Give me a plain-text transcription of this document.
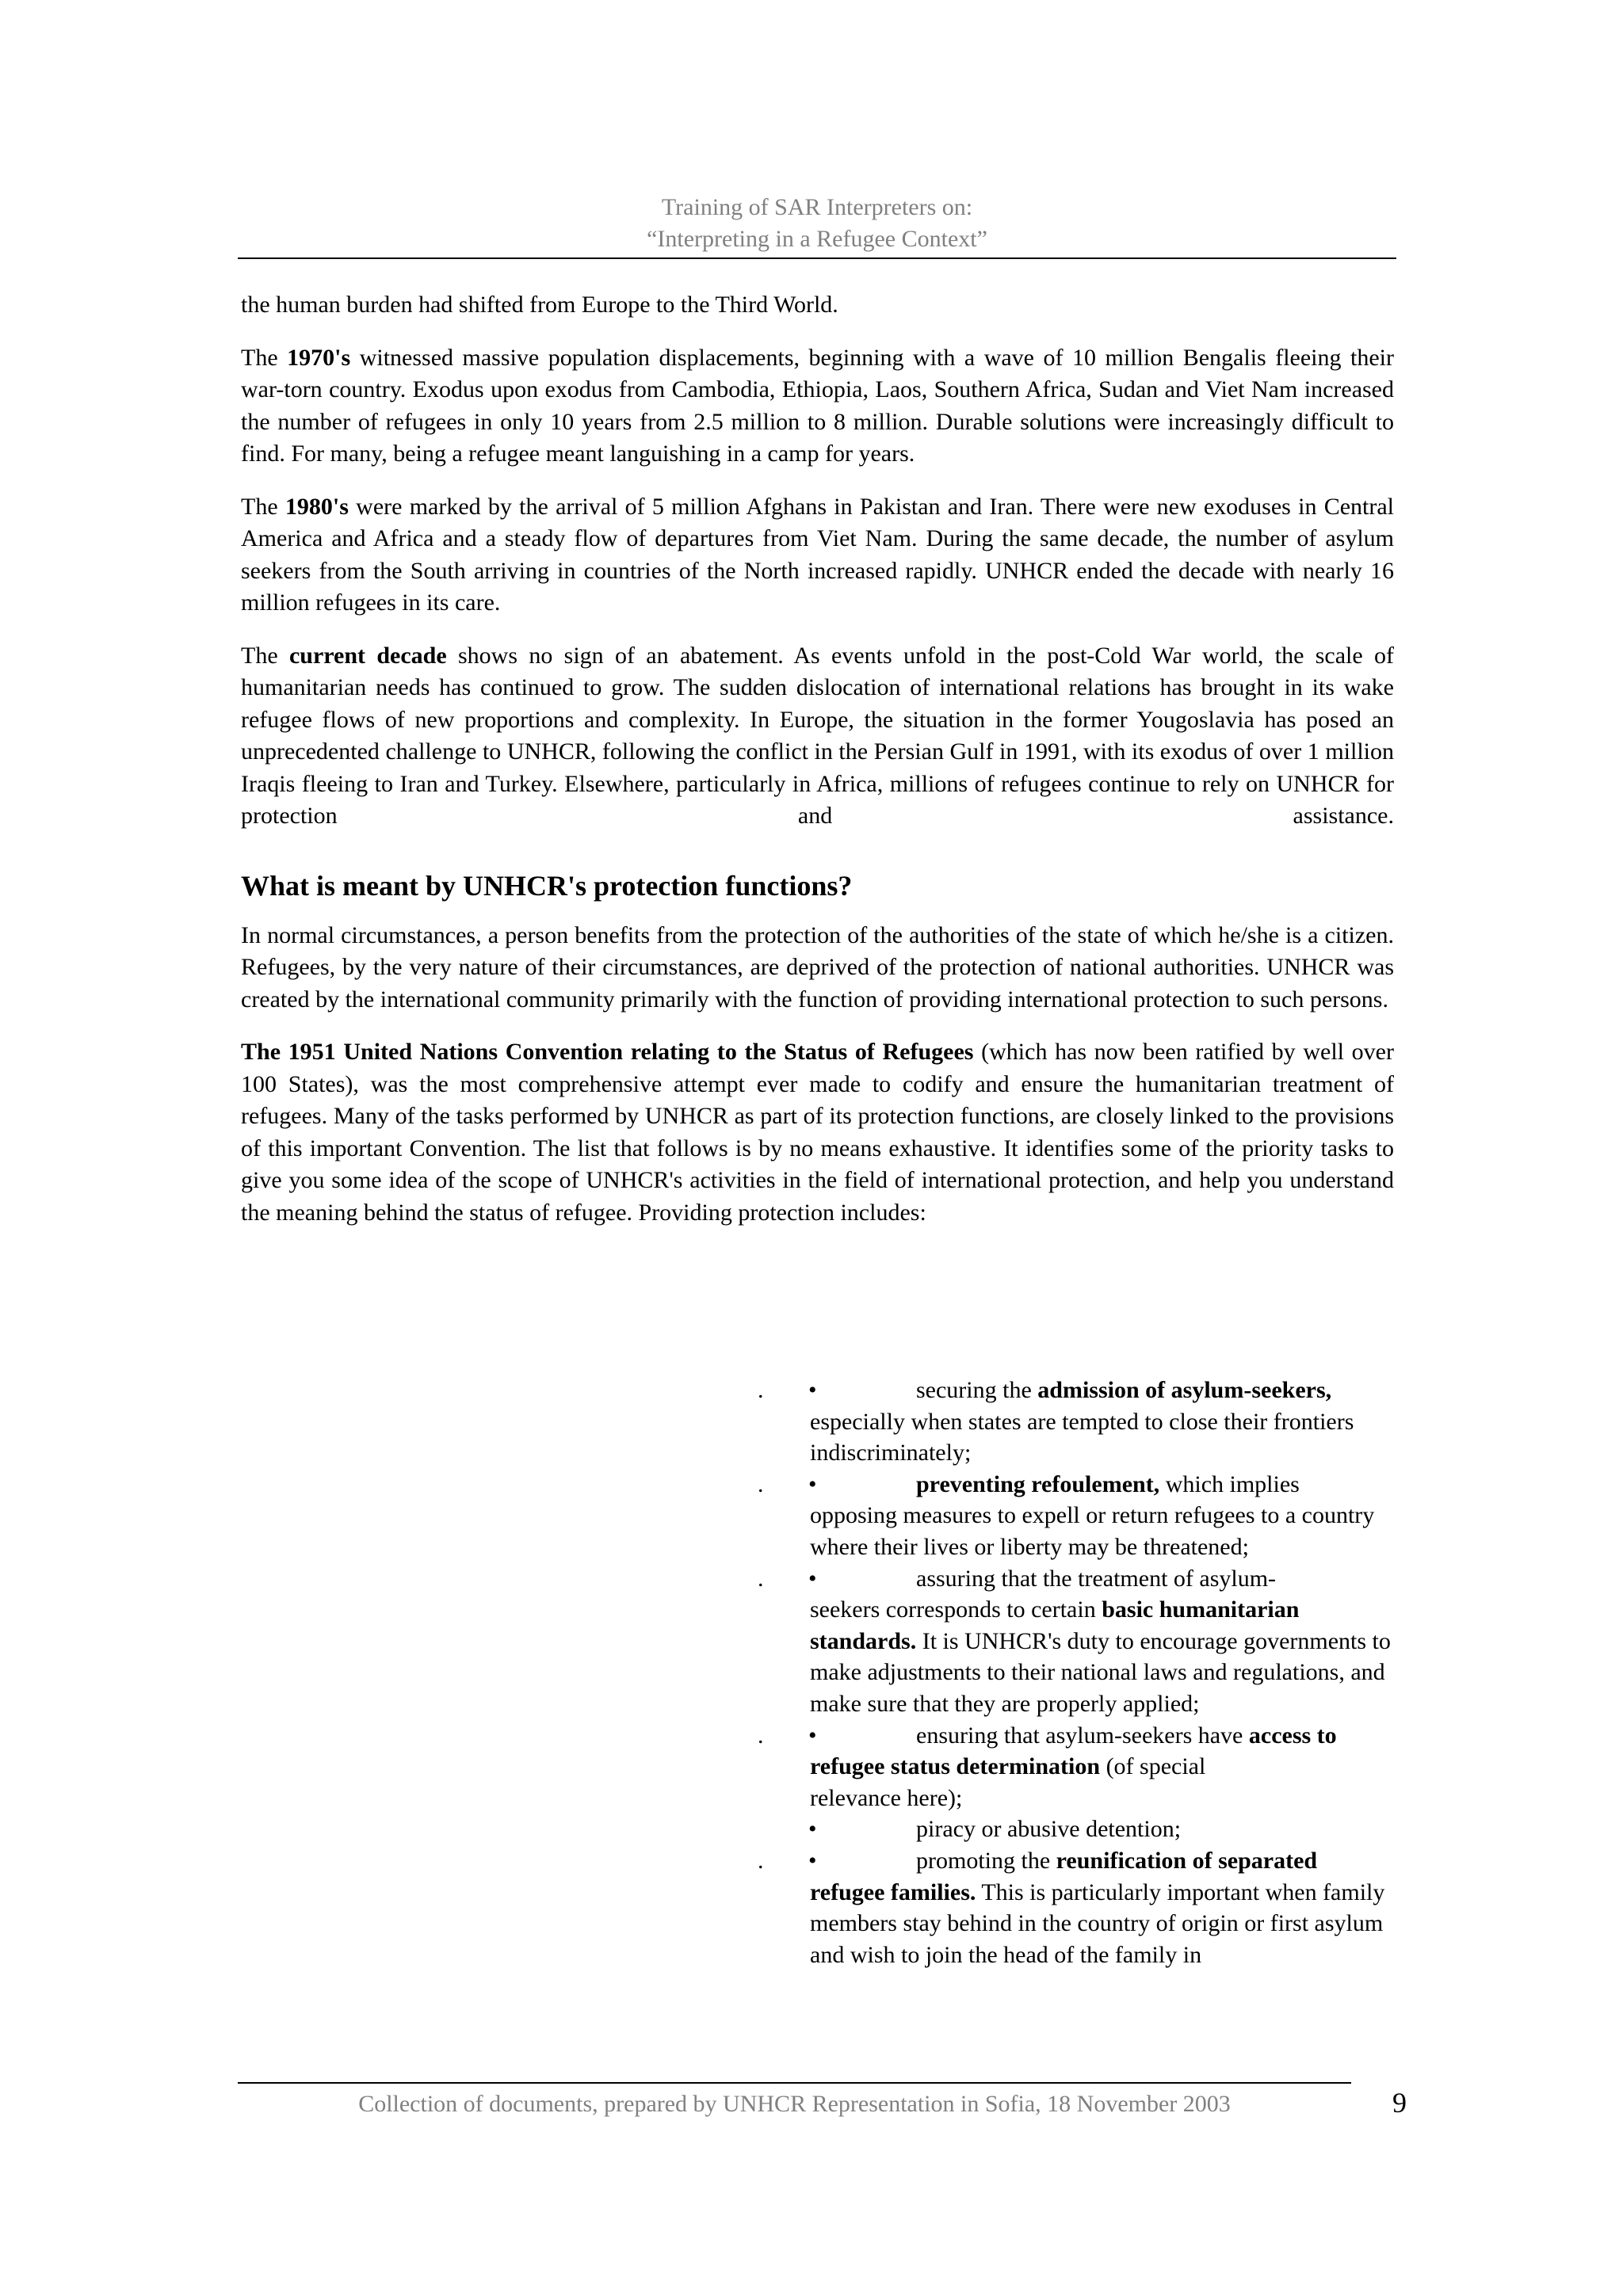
Training of SAR Interpreters on:
“Interpreting in a Refugee Context”

the human burden had shifted from Europe to the Third World.

The 1970's witnessed massive population displacements, beginning with a wave of 10 million Bengalis fleeing their war-torn country. Exodus upon exodus from Cambodia, Ethiopia, Laos, Southern Africa, Sudan and Viet Nam increased the number of refugees in only 10 years from 2.5 million to 8 million. Durable solutions were increasingly difficult to find. For many, being a refugee meant languishing in a camp for years.

The 1980's were marked by the arrival of 5 million Afghans in Pakistan and Iran. There were new exoduses in Central America and Africa and a steady flow of departures from Viet Nam. During the same decade, the number of asylum seekers from the South arriving in countries of the North increased rapidly. UNHCR ended the decade with nearly 16 million refugees in its care.

The current decade shows no sign of an abatement. As events unfold in the post-Cold War world, the scale of humanitarian needs has continued to grow. The sudden dislocation of international relations has brought in its wake refugee flows of new proportions and complexity. In Europe, the situation in the former Yougoslavia has posed an unprecedented challenge to UNHCR, following the conflict in the Persian Gulf in 1991, with its exodus of over 1 million Iraqis fleeing to Iran and Turkey. Elsewhere, particularly in Africa, millions of refugees continue to rely on UNHCR for protection and assistance.

What is meant by UNHCR's protection functions?

In normal circumstances, a person benefits from the protection of the authorities of the state of which he/she is a citizen. Refugees, by the very nature of their circumstances, are deprived of the protection of national authorities. UNHCR was created by the international community primarily with the function of providing international protection to such persons.

The 1951 United Nations Convention relating to the Status of Refugees (which has now been ratified by well over 100 States), was the most comprehensive attempt ever made to codify and ensure the humanitarian treatment of refugees. Many of the tasks performed by UNHCR as part of its protection functions, are closely linked to the provisions of this important Convention. The list that follows is by no means exhaustive. It identifies some of the priority tasks to give you some idea of the scope of UNHCR's activities in the field of international protection, and help you understand the meaning behind the status of refugee. Providing protection includes:

. •	securing the admission of asylum-seekers,
especially when states are tempted to close their frontiers indiscriminately;
. •	preventing refoulement, which implies
opposing measures to expell or return refugees to a country where their lives or liberty may be threatened;
. •	assuring that the treatment of asylum-
seekers corresponds to certain basic humanitarian standards. It is UNHCR's duty to encourage governments to make adjustments to their national laws and regulations, and make sure that they are properly applied;
. •	ensuring that asylum-seekers have access to
refugee status determination (of special
relevance here);
•	piracy or abusive detention;
. •	promoting the reunification of separated
refugee families. This is particularly important when family members stay behind in the country of origin or first asylum and wish to join the head of the family in
Collection of documents, prepared by UNHCR Representation in Sofia, 18 November 2003	9
